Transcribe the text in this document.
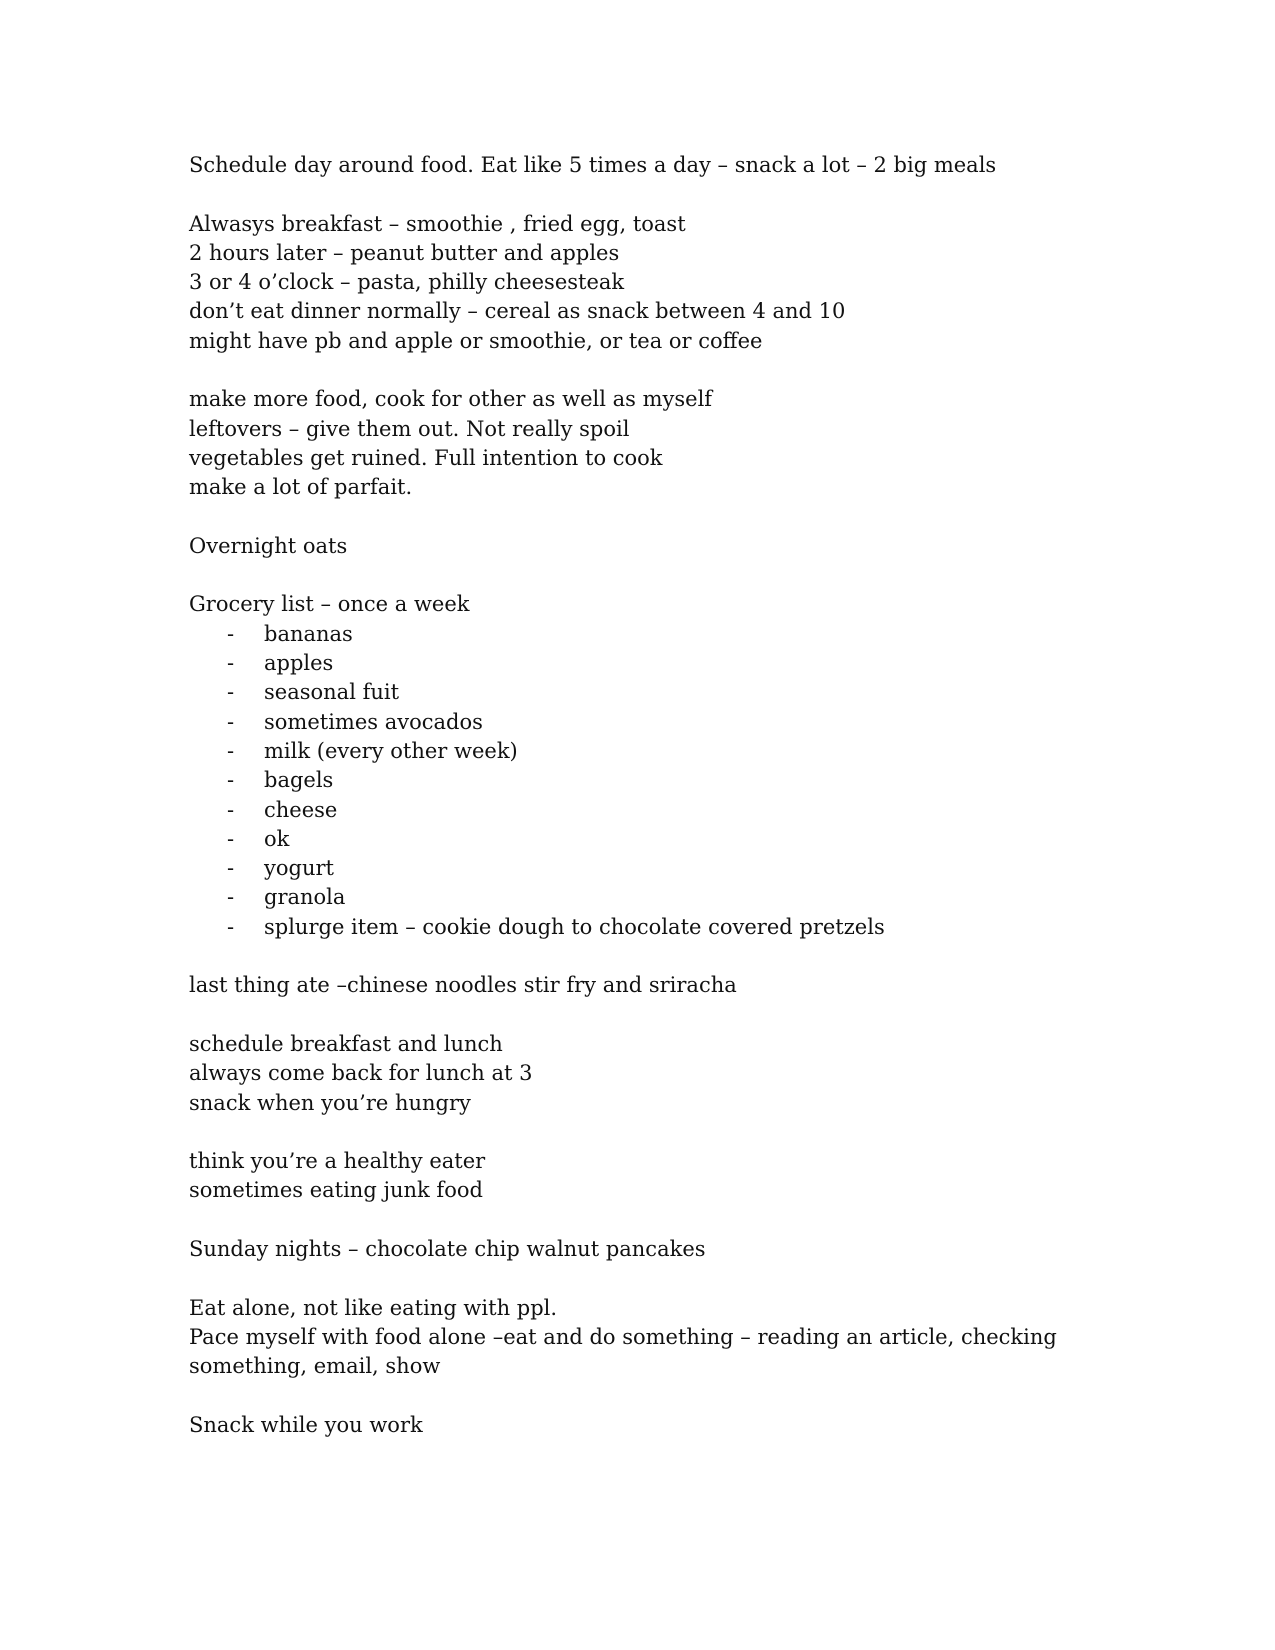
Schedule day around food. Eat like 5 times a day – snack a lot – 2 big meals

Alwasys breakfast – smoothie , fried egg, toast
2 hours later – peanut butter and apples
3 or 4 o’clock – pasta, philly cheesesteak
don’t eat dinner normally – cereal as snack between 4 and 10
might have pb and apple or smoothie, or tea or coffee

make more food, cook for other as well as myself
leftovers – give them out. Not really spoil
vegetables get ruined. Full intention to cook
make a lot of parfait.

Overnight oats

Grocery list – once a week
- bananas
- apples
- seasonal fuit
- sometimes avocados
- milk (every other week)
- bagels
- cheese
- ok
- yogurt
- granola
- splurge item – cookie dough to chocolate covered pretzels

last thing ate –chinese noodles stir fry and sriracha

schedule breakfast and lunch
always come back for lunch at 3
snack when you’re hungry

think you’re a healthy eater
sometimes eating junk food

Sunday nights – chocolate chip walnut pancakes

Eat alone, not like eating with ppl.
Pace myself with food alone –eat and do something – reading an article, checking
something, email, show

Snack while you work
